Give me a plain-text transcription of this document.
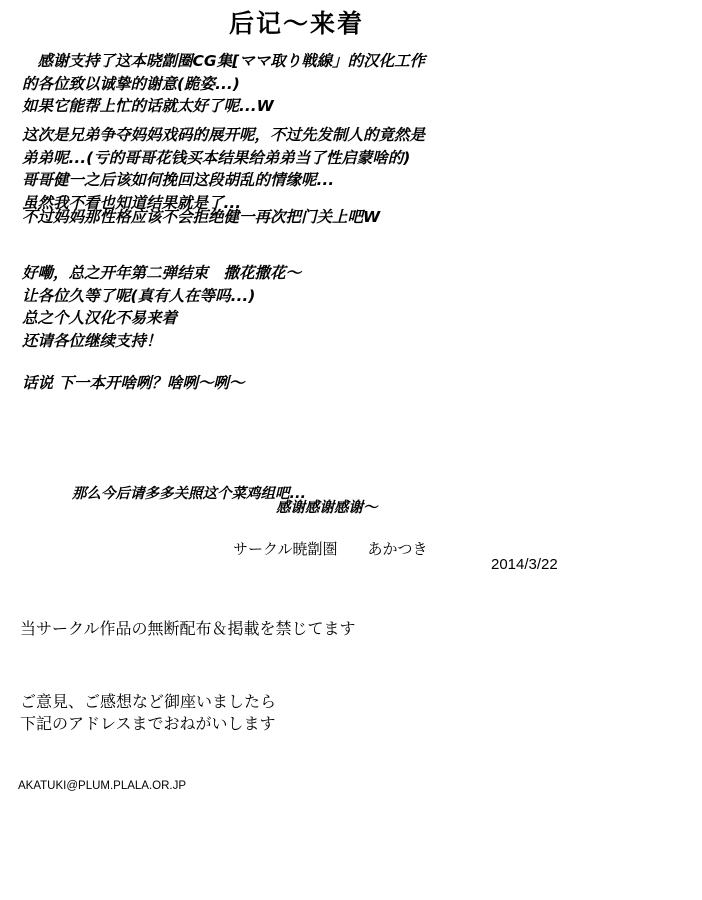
后记～来着
　感谢支持了这本晓劏圈CG集[ママ取り戦線」的汉化工作
的各位致以诚挚的谢意(跪姿...)
如果它能帮上忙的话就太好了呢...W
这次是兄弟争夺妈妈戏码的展开呢，不过先发制人的竟然是
弟弟呢...(亏的哥哥花钱买本结果给弟弟当了性启蒙啥的)
哥哥健一之后该如何挽回这段胡乱的情缘呢...
虽然我不看也知道结果就是了...
不过妈妈那性格应该不会拒绝健一再次把门关上吧W
好嘞，总之开年第二弹结束　撒花撒花～
让各位久等了呢(真有人在等吗...)
总之个人汉化不易来着
还请各位继续支持！
话说 下一本开啥咧？啥咧～咧～
那么今后请多多关照这个菜鸡组吧...
感谢感谢感谢～
サークル暁劏圏　　あかつき
2014/3/22
当サークル作品の無断配布＆掲載を禁じてます
ご意見、ご感想など御座いましたら
下記のアドレスまでおねがいします
AKATUKI@PLUM.PLALA.OR.JP
